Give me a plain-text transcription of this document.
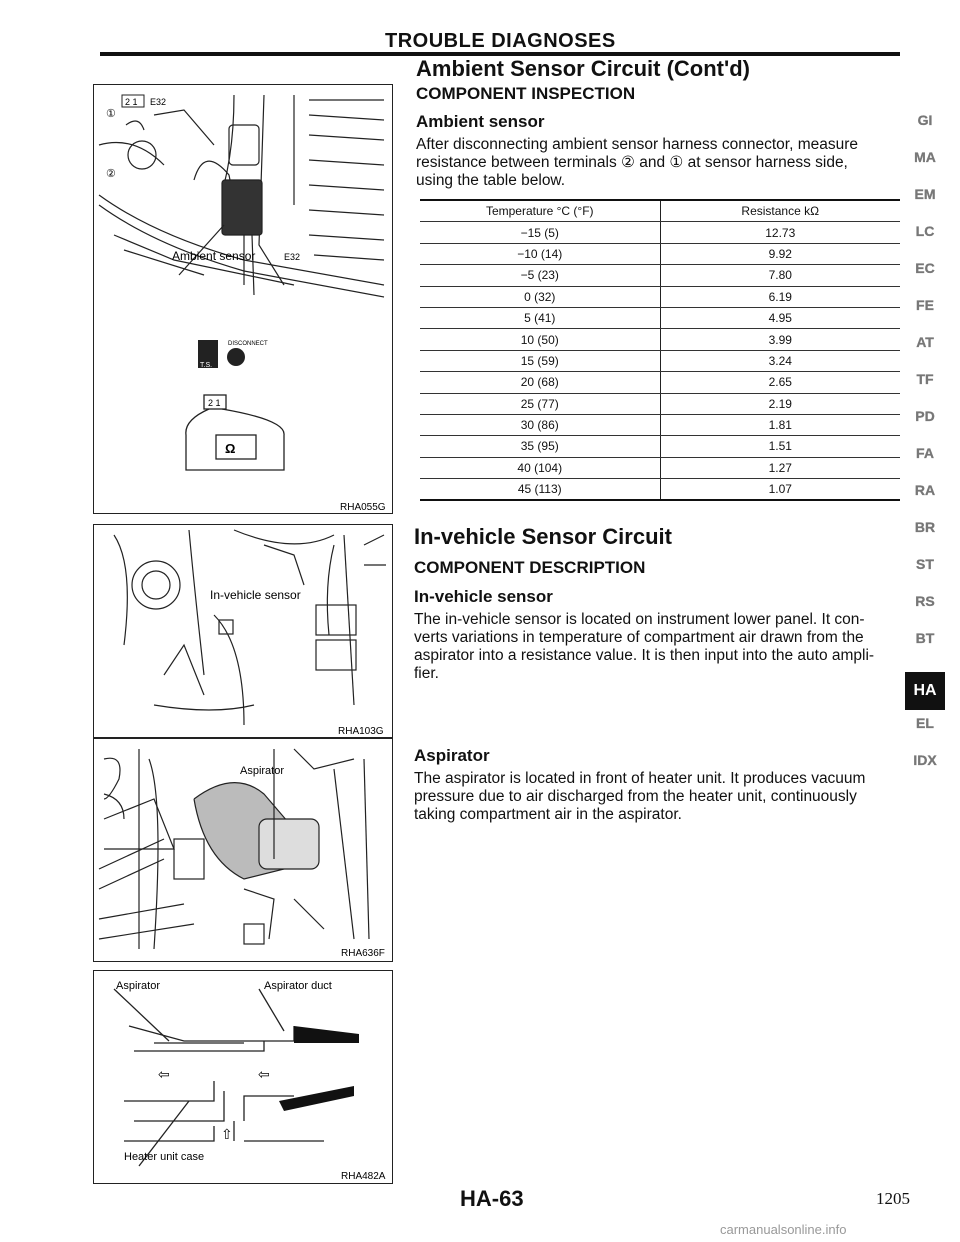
TROUBLE DIAGNOSES
①
②
2 1 E32
Ambient sensor	E32
T.S.
DISCONNECT
2 1
Ω
RHA055G
In-vehicle sensor
RHA103G
Aspirator
RHA636F
Aspirator	Aspirator duct
⇦	⇦
⇧
Heater unit case
RHA482A
Ambient Sensor Circuit (Cont'd)
COMPONENT INSPECTION
Ambient sensor
After disconnecting ambient sensor harness connector, measure
resistance between terminals ② and ① at sensor harness side,
using the table below.
Temperature °C (°F)	Resistance kΩ
−15 (5)	12.73
−10 (14)	9.92
−5 (23)	7.80
0 (32)	6.19
5 (41)	4.95
10 (50)	3.99
15 (59)	3.24
20 (68)	2.65
25 (77)	2.19
30 (86)	1.81
35 (95)	1.51
40 (104)	1.27
45 (113)	1.07
In-vehicle Sensor Circuit
COMPONENT DESCRIPTION
In-vehicle sensor
The in-vehicle sensor is located on instrument lower panel. It con-
verts variations in temperature of compartment air drawn from the
aspirator into a resistance value. It is then input into the auto ampli-
fier.
Aspirator
The aspirator is located in front of heater unit. It produces vacuum
pressure due to air discharged from the heater unit, continuously
taking compartment air in the aspirator.
GI
MA
EM
LC
EC
FE
AT
TF
PD
FA
RA
BR
ST
RS
BT
HA
EL
IDX
HA-63	1205
carmanualsonline.info
